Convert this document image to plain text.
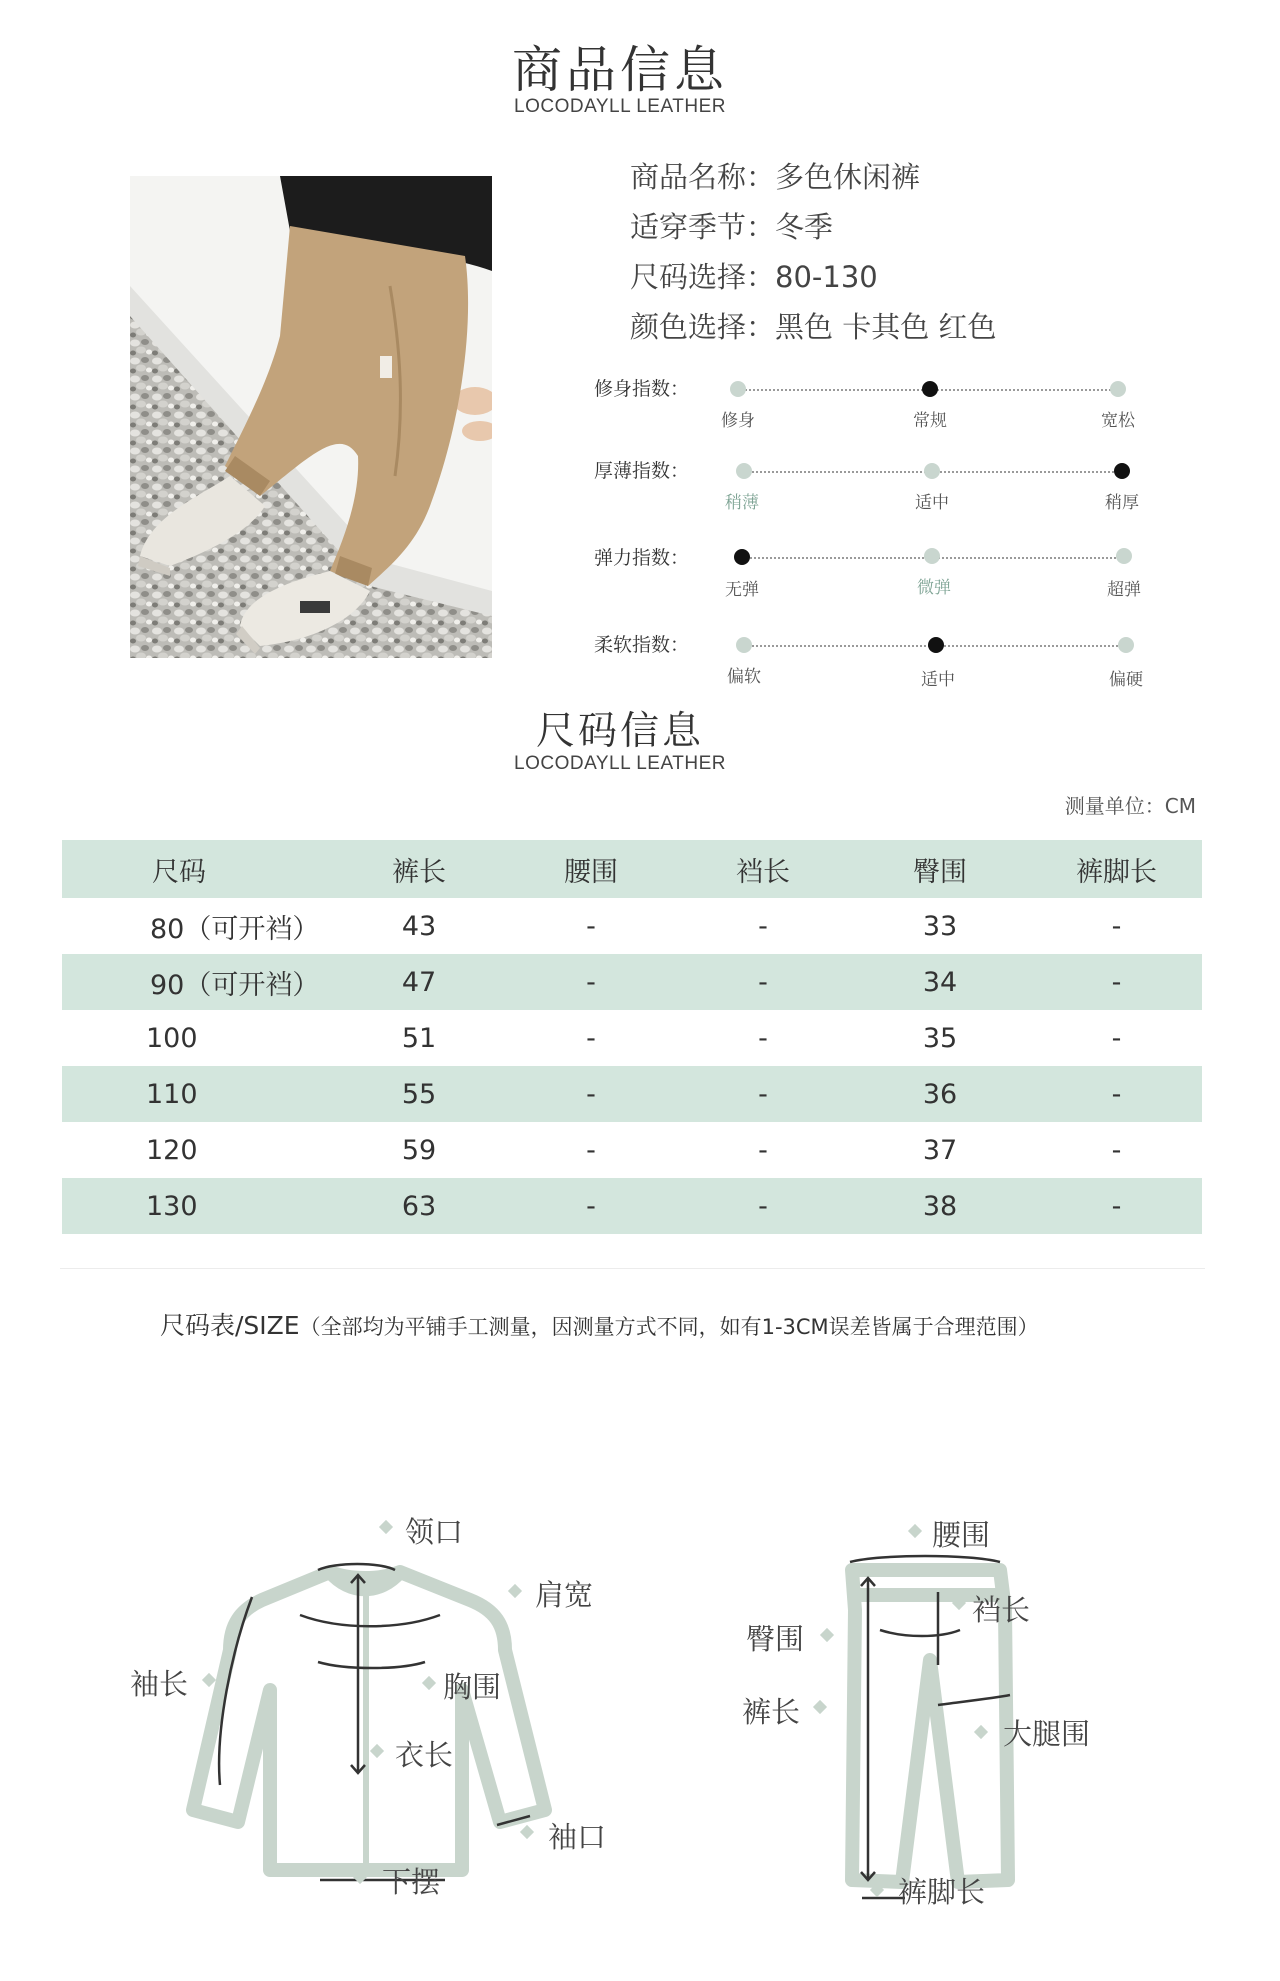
商品信息
LOCODAYLL LEATHER
商品名称：多色休闲裤
适穿季节：冬季
尺码选择：80-130
颜色选择：黑色 卡其色 红色
修身指数：
修身	常规	宽松
厚薄指数：
稍薄	适中	稍厚
弹力指数：
无弹	微弹	超弹
柔软指数：
偏软	适中	偏硬
尺码信息
LOCODAYLL LEATHER
测量单位：CM
尺码	裤长	腰围	裆长	臀围	裤脚长
80（可开裆）	43	-	-	33	-
90（可开裆）	47	-	-	34	-
100	51	-	-	35	-
110	55	-	-	36	-
120	59	-	-	37	-
130	63	-	-	38	-
尺码表/SIZE（全部均为平铺手工测量，因测量方式不同，如有1-3CM误差皆属于合理范围）
领口
肩宽
袖长	胸围
衣长
袖口
下摆
腰围
裆长
臀围
裤长
大腿围
裤脚长
